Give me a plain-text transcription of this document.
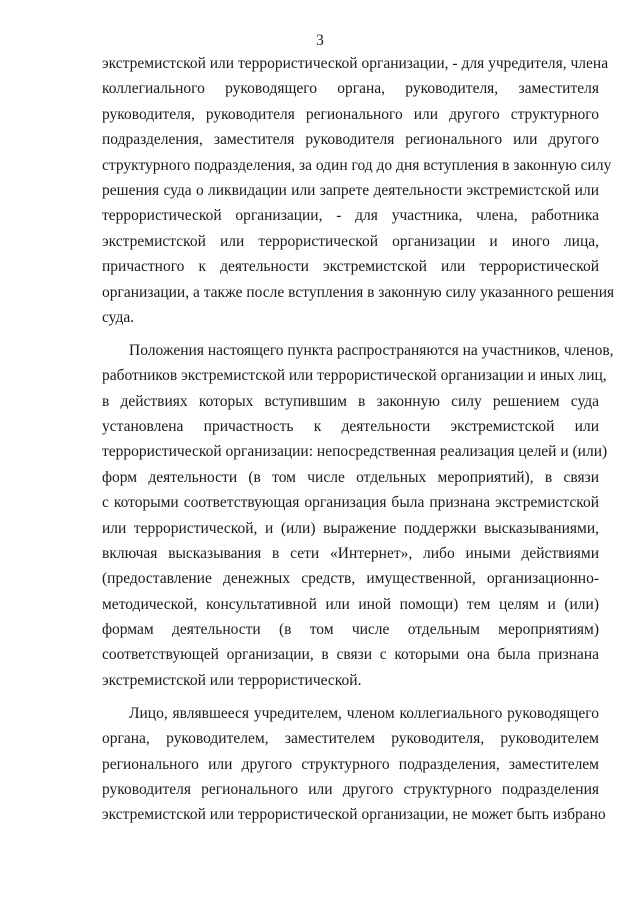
3
экстремистской или террористической организации, - для учредителя, члена
коллегиального руководящего органа, руководителя, заместителя
руководителя, руководителя регионального или другого структурного
подразделения, заместителя руководителя регионального или другого
структурного подразделения, за один год до дня вступления в законную силу
решения суда о ликвидации или запрете деятельности экстремистской или
террористической организации, - для участника, члена, работника
экстремистской или террористической организации и иного лица,
причастного к деятельности экстремистской или террористической
организации, а также после вступления в законную силу указанного решения
суда.
Положения настоящего пункта распространяются на участников, членов,
работников экстремистской или террористической организации и иных лиц,
в действиях которых вступившим в законную силу решением суда
установлена причастность к деятельности экстремистской или
террористической организации: непосредственная реализация целей и (или)
форм деятельности (в том числе отдельных мероприятий), в связи
с которыми соответствующая организация была признана экстремистской
или террористической, и (или) выражение поддержки высказываниями,
включая высказывания в сети «Интернет», либо иными действиями
(предоставление денежных средств, имущественной, организационно-
методической, консультативной или иной помощи) тем целям и (или)
формам деятельности (в том числе отдельным мероприятиям)
соответствующей организации, в связи с которыми она была признана
экстремистской или террористической.
Лицо, являвшееся учредителем, членом коллегиального руководящего
органа, руководителем, заместителем руководителя, руководителем
регионального или другого структурного подразделения, заместителем
руководителя регионального или другого структурного подразделения
экстремистской или террористической организации, не может быть избрано
